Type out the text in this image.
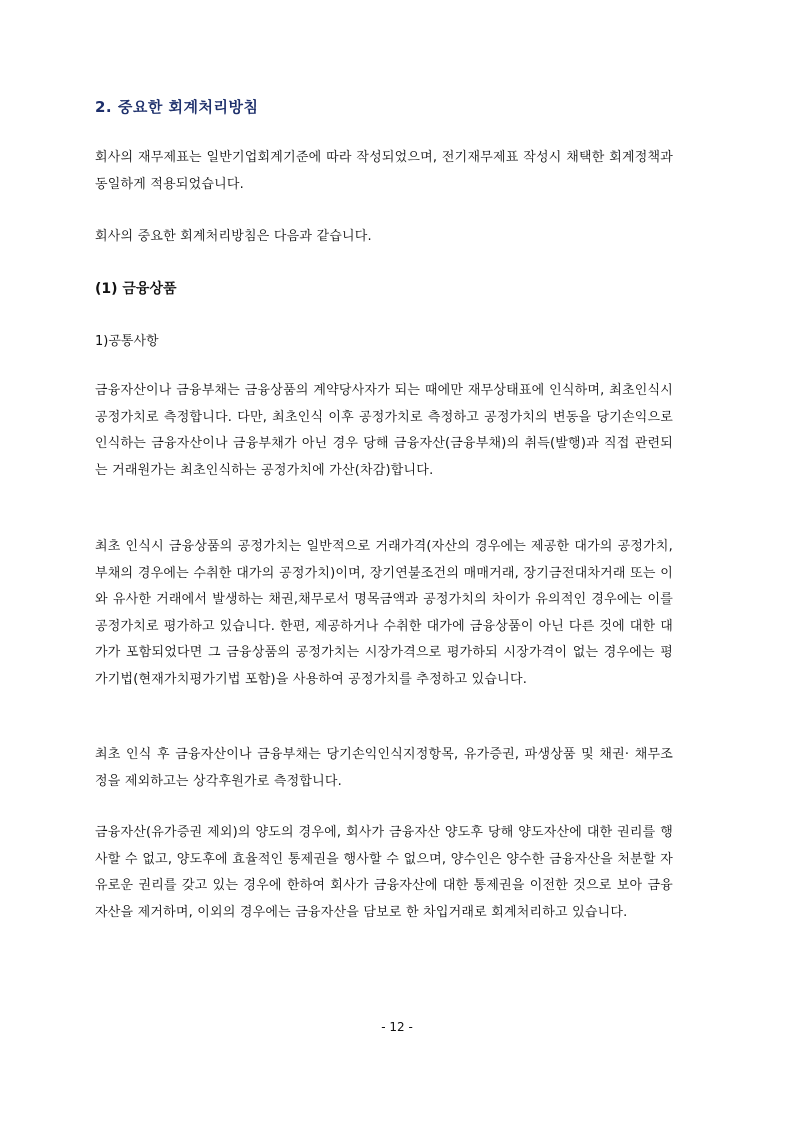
2. 중요한 회계처리방침

회사의 재무제표는 일반기업회계기준에 따라 작성되었으며, 전기재무제표 작성시 채택한 회계정책과 동일하게 적용되었습니다.

회사의 중요한 회계처리방침은 다음과 같습니다.

(1) 금융상품

1)공통사항

금융자산이나 금융부채는 금융상품의 계약당사자가 되는 때에만 재무상태표에 인식하며, 최초인식시 공정가치로 측정합니다. 다만, 최초인식 이후 공정가치로 측정하고 공정가치의 변동을 당기손익으로 인식하는 금융자산이나 금융부채가 아닌 경우 당해 금융자산(금융부채)의 취득(발행)과 직접 관련되는 거래원가는 최초인식하는 공정가치에 가산(차감)합니다.

최초 인식시 금융상품의 공정가치는 일반적으로 거래가격(자산의 경우에는 제공한 대가의 공정가치, 부채의 경우에는 수취한 대가의 공정가치)이며, 장기연불조건의 매매거래, 장기금전대차거래 또는 이와 유사한 거래에서 발생하는 채권,채무로서 명목금액과 공정가치의 차이가 유의적인 경우에는 이를 공정가치로 평가하고 있습니다. 한편, 제공하거나 수취한 대가에 금융상품이 아닌 다른 것에 대한 대가가 포함되었다면 그 금융상품의 공정가치는 시장가격으로 평가하되 시장가격이 없는 경우에는 평가기법(현재가치평가기법 포함)을 사용하여 공정가치를 추정하고 있습니다.

최초 인식 후 금융자산이나 금융부채는 당기손익인식지정항목, 유가증권, 파생상품 및 채권· 채무조정을 제외하고는 상각후원가로 측정합니다.

금융자산(유가증권 제외)의 양도의 경우에, 회사가 금융자산 양도후 당해 양도자산에 대한 권리를 행사할 수 없고, 양도후에 효율적인 통제권을 행사할 수 없으며, 양수인은 양수한 금융자산을 처분할 자유로운 권리를 갖고 있는 경우에 한하여 회사가 금융자산에 대한 통제권을 이전한 것으로 보아 금융자산을 제거하며, 이외의 경우에는 금융자산을 담보로 한 차입거래로 회계처리하고 있습니다.

- 12 -
